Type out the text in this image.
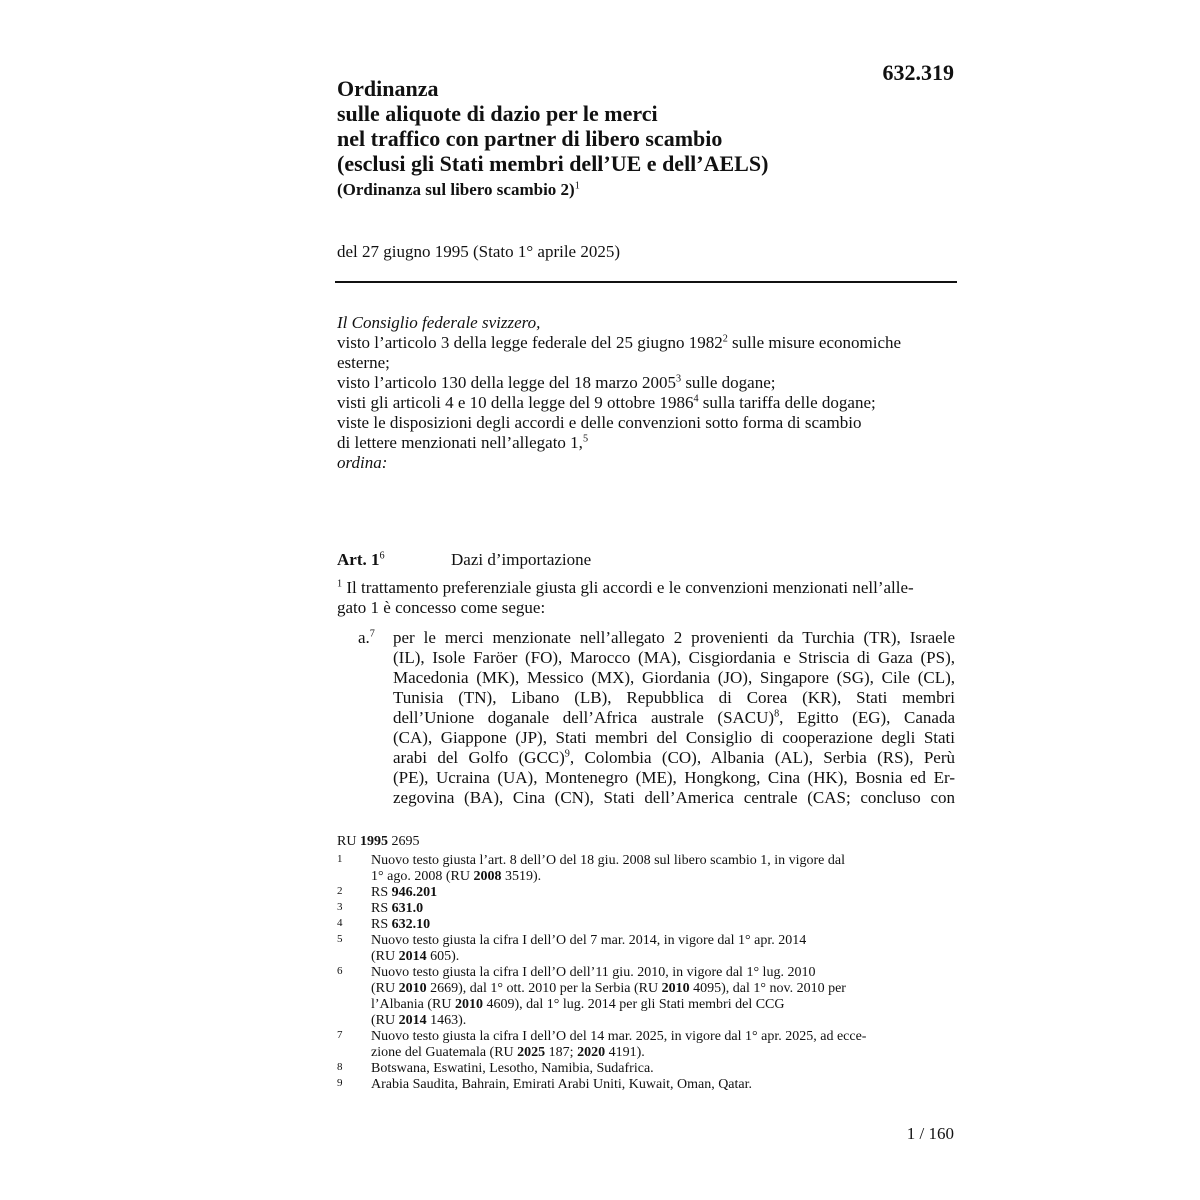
632.319
Ordinanza
sulle aliquote di dazio per le merci
nel traffico con partner di libero scambio
(esclusi gli Stati membri dell’UE e dell’AELS)
(Ordinanza sul libero scambio 2)$^1$
del 27 giugno 1995 (Stato 1° aprile 2025)
Il Consiglio federale svizzero,
visto l’articolo 3 della legge federale del 25 giugno 1982$^2$ sulle misure economiche
esterne;
visto l’articolo 130 della legge del 18 marzo 2005$^3$ sulle dogane;
visti gli articoli 4 e 10 della legge del 9 ottobre 1986$^4$ sulla tariffa delle dogane;
viste le disposizioni degli accordi e delle convenzioni sotto forma di scambio
di lettere menzionati nell’allegato 1,$^5$
ordina:
Art. $1^6$	Dazi d’importazione
$^1$ Il trattamento preferenziale giusta gli accordi e le convenzioni menzionati nell’alle-
gato 1 è concesso come segue:
a.$^7$ per le merci menzionate nell’allegato 2 provenienti da Turchia (TR), Israele
(IL), Isole Faröer (FO), Marocco (MA), Cisgiordania e Striscia di Gaza (PS),
Macedonia (MK), Messico (MX), Giordania (JO), Singapore (SG), Cile (CL),
Tunisia (TN), Libano (LB), Repubblica di Corea (KR), Stati membri
dell’Unione doganale dell’Africa australe (SACU)$^8$, Egitto (EG), Canada
(CA), Giappone (JP), Stati membri del Consiglio di cooperazione degli Stati
arabi del Golfo (GCC)$^9$, Colombia (CO), Albania (AL), Serbia (RS), Perù
(PE), Ucraina (UA), Montenegro (ME), Hongkong, Cina (HK), Bosnia ed Er-
zegovina (BA), Cina (CN), Stati dell’America centrale (CAS; concluso con
RU 1995 2695
1 Nuovo testo giusta l’art. 8 dell’O del 18 giu. 2008 sul libero scambio 1, in vigore dal
1° ago. 2008 (RU 2008 3519).
2 RS 946.201
3 RS 631.0
4 RS 632.10
5 Nuovo testo giusta la cifra I dell’O del 7 mar. 2014, in vigore dal 1° apr. 2014
(RU 2014 605).
6 Nuovo testo giusta la cifra I dell’O dell’11 giu. 2010, in vigore dal 1° lug. 2010
(RU 2010 2669), dal 1° ott. 2010 per la Serbia (RU 2010 4095), dal 1° nov. 2010 per
l’Albania (RU 2010 4609), dal 1° lug. 2014 per gli Stati membri del CCG
(RU 2014 1463).
7 Nuovo testo giusta la cifra I dell’O del 14 mar. 2025, in vigore dal 1° apr. 2025, ad ecce-
zione del Guatemala (RU 2025 187; 2020 4191).
8 Botswana, Eswatini, Lesotho, Namibia, Sudafrica.
9 Arabia Saudita, Bahrain, Emirati Arabi Uniti, Kuwait, Oman, Qatar.
1 / 160
